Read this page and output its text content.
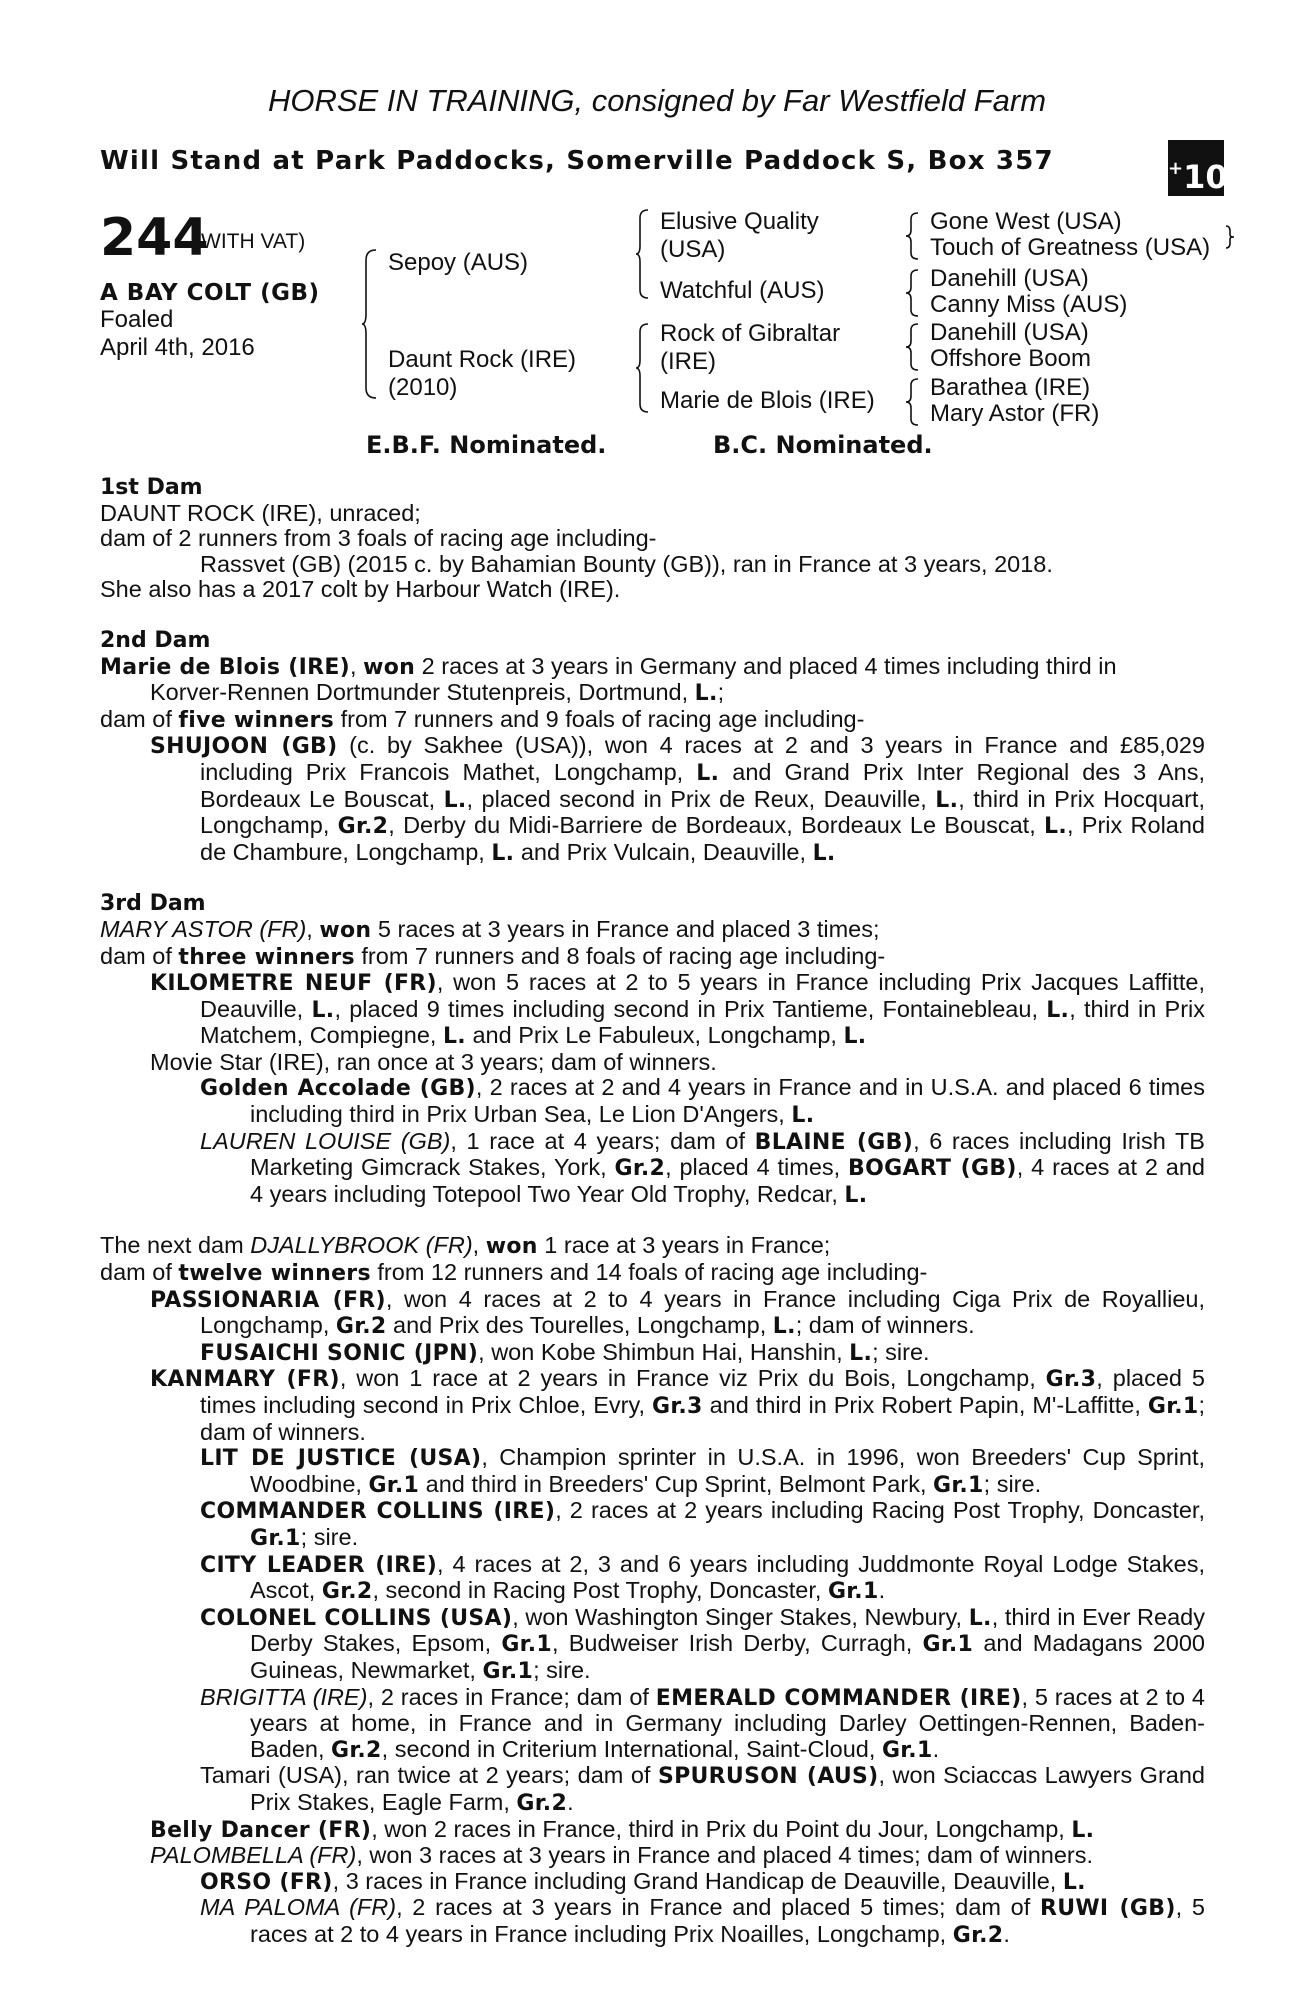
HORSE IN TRAINING, consigned by Far Westfield Farm
Will Stand at Park Paddocks, Somerville Paddock S, Box 357	+10
244
(WITH VAT)
A BAY COLT (GB)
Foaled
April 4th, 2016
Sepoy (AUS)
Daunt Rock (IRE)
(2010)
Elusive Quality
(USA)
Watchful (AUS)
Rock of Gibraltar
(IRE)
Marie de Blois (IRE)
Gone West (USA)
Touch of Greatness (USA)
Danehill (USA)
Canny Miss (AUS)
Danehill (USA)
Offshore Boom
Barathea (IRE)
Mary Astor (FR)
E.B.F. Nominated.	B.C. Nominated.
1st Dam

DAUNT ROCK (IRE), unraced;

dam of 2 runners from 3 foals of racing age including-

Rassvet (GB) (2015 c. by Bahamian Bounty (GB)), ran in France at 3 years, 2018.

She also has a 2017 colt by Harbour Watch (IRE).

2nd Dam

Marie de Blois (IRE), won 2 races at 3 years in Germany and placed 4 times including third in

Korver-Rennen Dortmunder Stutenpreis, Dortmund, L.;

dam of five winners from 7 runners and 9 foals of racing age including-

SHUJOON (GB) (c. by Sakhee (USA)), won 4 races at 2 and 3 years in France and £85,029 including Prix Francois Mathet, Longchamp, L. and Grand Prix Inter Regional des 3 Ans, Bordeaux Le Bouscat, L., placed second in Prix de Reux, Deauville, L., third in Prix Hocquart, Longchamp, Gr.2, Derby du Midi-Barriere de Bordeaux, Bordeaux Le Bouscat, L., Prix Roland de Chambure, Longchamp, L. and Prix Vulcain, Deauville, L.

3rd Dam

MARY ASTOR (FR), won 5 races at 3 years in France and placed 3 times;

dam of three winners from 7 runners and 8 foals of racing age including-

KILOMETRE NEUF (FR), won 5 races at 2 to 5 years in France including Prix Jacques Laffitte, Deauville, L., placed 9 times including second in Prix Tantieme, Fontainebleau, L., third in Prix Matchem, Compiegne, L. and Prix Le Fabuleux, Longchamp, L.

Movie Star (IRE), ran once at 3 years; dam of winners.

Golden Accolade (GB), 2 races at 2 and 4 years in France and in U.S.A. and placed 6 times including third in Prix Urban Sea, Le Lion D'Angers, L.

LAUREN LOUISE (GB), 1 race at 4 years; dam of BLAINE (GB), 6 races including Irish TB Marketing Gimcrack Stakes, York, Gr.2, placed 4 times, BOGART (GB), 4 races at 2 and 4 years including Totepool Two Year Old Trophy, Redcar, L.

The next dam DJALLYBROOK (FR), won 1 race at 3 years in France;

dam of twelve winners from 12 runners and 14 foals of racing age including-

PASSIONARIA (FR), won 4 races at 2 to 4 years in France including Ciga Prix de Royallieu, Longchamp, Gr.2 and Prix des Tourelles, Longchamp, L.; dam of winners.

FUSAICHI SONIC (JPN), won Kobe Shimbun Hai, Hanshin, L.; sire.

KANMARY (FR), won 1 race at 2 years in France viz Prix du Bois, Longchamp, Gr.3, placed 5 times including second in Prix Chloe, Evry, Gr.3 and third in Prix Robert Papin, M'-Laffitte, Gr.1; dam of winners.

LIT DE JUSTICE (USA), Champion sprinter in U.S.A. in 1996, won Breeders' Cup Sprint, Woodbine, Gr.1 and third in Breeders' Cup Sprint, Belmont Park, Gr.1; sire.

COMMANDER COLLINS (IRE), 2 races at 2 years including Racing Post Trophy, Doncaster, Gr.1; sire.

CITY LEADER (IRE), 4 races at 2, 3 and 6 years including Juddmonte Royal Lodge Stakes, Ascot, Gr.2, second in Racing Post Trophy, Doncaster, Gr.1.

COLONEL COLLINS (USA), won Washington Singer Stakes, Newbury, L., third in Ever Ready Derby Stakes, Epsom, Gr.1, Budweiser Irish Derby, Curragh, Gr.1 and Madagans 2000 Guineas, Newmarket, Gr.1; sire.

BRIGITTA (IRE), 2 races in France; dam of EMERALD COMMANDER (IRE), 5 races at 2 to 4 years at home, in France and in Germany including Darley Oettingen-Rennen, Baden-Baden, Gr.2, second in Criterium International, Saint-Cloud, Gr.1.

Tamari (USA), ran twice at 2 years; dam of SPURUSON (AUS), won Sciaccas Lawyers Grand Prix Stakes, Eagle Farm, Gr.2.

Belly Dancer (FR), won 2 races in France, third in Prix du Point du Jour, Longchamp, L.

PALOMBELLA (FR), won 3 races at 3 years in France and placed 4 times; dam of winners.

ORSO (FR), 3 races in France including Grand Handicap de Deauville, Deauville, L.

MA PALOMA (FR), 2 races at 3 years in France and placed 5 times; dam of RUWI (GB), 5 races at 2 to 4 years in France including Prix Noailles, Longchamp, Gr.2.
